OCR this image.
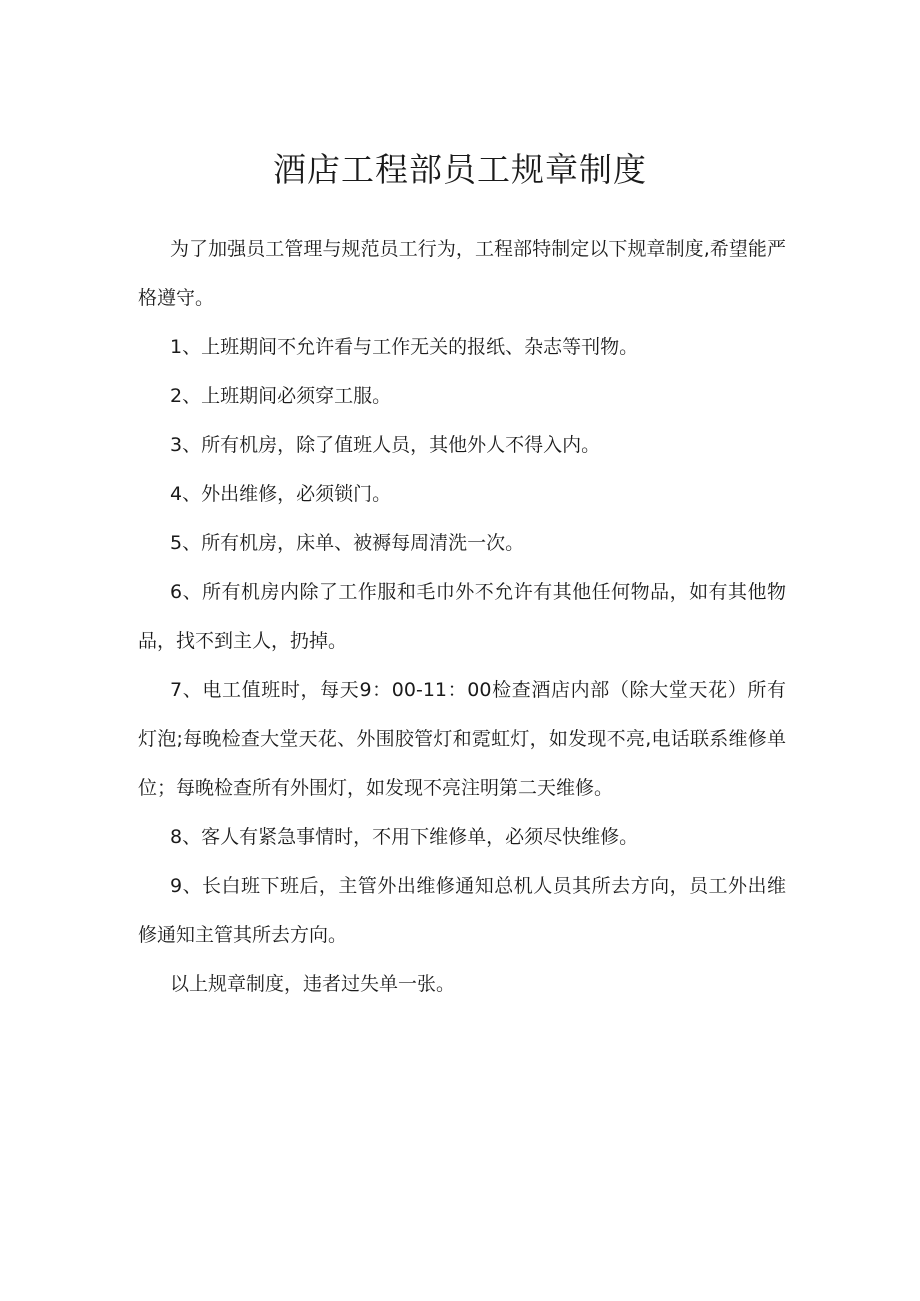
酒店工程部员工规章制度

为了加强员工管理与规范员工行为，工程部特制定以下规章制度,希望能严格遵守。

1、上班期间不允许看与工作无关的报纸、杂志等刊物。

2、上班期间必须穿工服。

3、所有机房，除了值班人员，其他外人不得入内。

4、外出维修，必须锁门。

5、所有机房，床单、被褥每周清洗一次。

6、所有机房内除了工作服和毛巾外不允许有其他任何物品，如有其他物品，找不到主人，扔掉。

7、电工值班时，每天9：00-11：00检查酒店内部（除大堂天花）所有灯泡;每晚检查大堂天花、外围胶管灯和霓虹灯，如发现不亮,电话联系维修单位；每晚检查所有外围灯，如发现不亮注明第二天维修。

8、客人有紧急事情时，不用下维修单，必须尽快维修。

9、长白班下班后，主管外出维修通知总机人员其所去方向，员工外出维修通知主管其所去方向。

以上规章制度，违者过失单一张。
